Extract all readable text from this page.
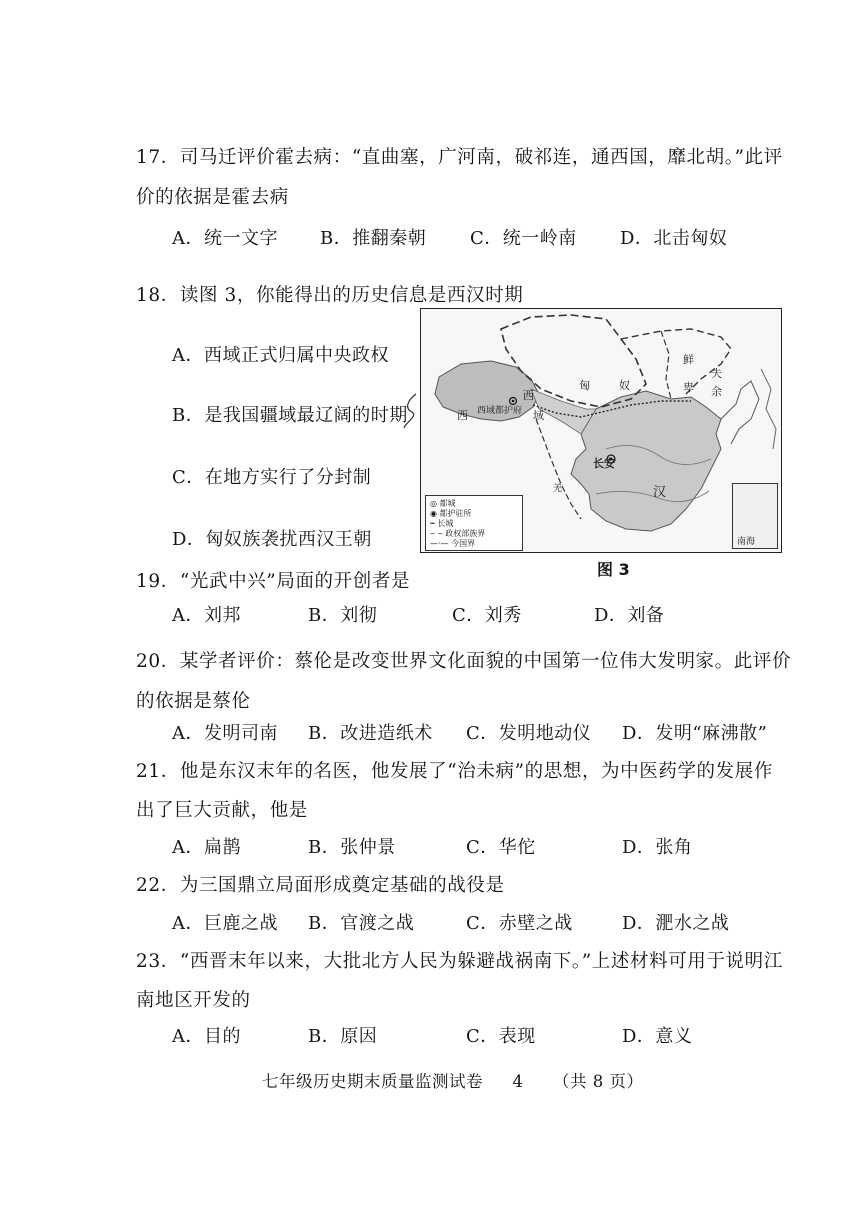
17．司马迁评价霍去病：“直曲塞，广河南，破祁连，通西国，靡北胡。”此评
价的依据是霍去病
A．统一文字 B．推翻秦朝 C．统一岭南 D．北击匈奴
18．读图 3，你能得出的历史信息是西汉时期
A．西域正式归属中央政权
B．是我国疆域最辽阔的时期
C．在地方实行了分封制
D．匈奴族袭扰西汉王朝
匈	奴
鲜
卑
夫
余
西
域
西 西域都护府
长安
汉
羌
◎ 都城
◉ 都护驻所
┅ 长城
‒ ‒ 政权部族界
—·— 今国界	南海
图 3
19．“光武中兴”局面的开创者是
A．刘邦	B．刘彻	C．刘秀	D．刘备
20．某学者评价：蔡伦是改变世界文化面貌的中国第一位伟大发明家。此评价
的依据是蔡伦
A．发明司南 B．改进造纸术 C．发明地动仪 D．发明“麻沸散”
21．他是东汉末年的名医，他发展了“治未病”的思想，为中医药学的发展作
出了巨大贡献，他是
A．扁鹊	B．张仲景	C．华佗	D．张角
22．为三国鼎立局面形成奠定基础的战役是
A．巨鹿之战 B．官渡之战	C．赤壁之战	D．淝水之战
23．“西晋末年以来，大批北方人民为躲避战祸南下。”上述材料可用于说明江
南地区开发的
A．目的	B．原因	C．表现	D．意义
七年级历史期末质量监测试卷 4 （共 8 页）
